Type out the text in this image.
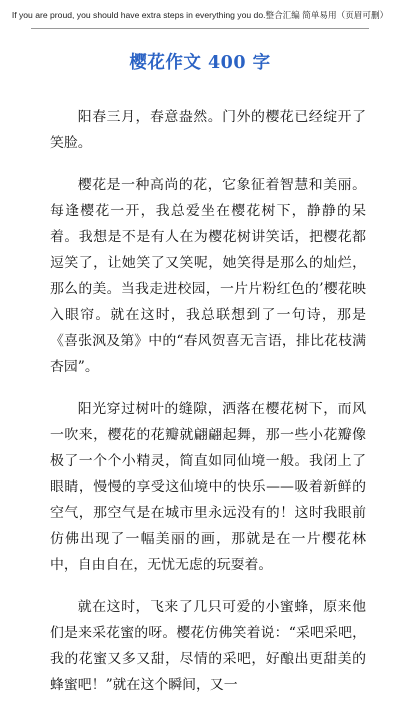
If you are proud, you should have extra steps in everything you do.整合汇编 简单易用（页眉可删）
樱花作文 400 字

阳春三月，春意盎然。门外的樱花已经绽开了笑脸。

樱花是一种高尚的花，它象征着智慧和美丽。每逢樱花一开，我总爱坐在樱花树下，静静的呆着。我想是不是有人在为樱花树讲笑话，把樱花都逗笑了，让她笑了又笑呢，她笑得是那么的灿烂，那么的美。当我走进校园，一片片粉红色的’樱花映入眼帘。就在这时，我总联想到了一句诗，那是《喜张沨及第》中的“春风贺喜无言语，排比花枝满杏园”。

阳光穿过树叶的缝隙，洒落在樱花树下，而风一吹来，樱花的花瓣就翩翩起舞，那一些小花瓣像极了一个个小精灵，简直如同仙境一般。我闭上了眼睛，慢慢的享受这仙境中的快乐——吸着新鲜的空气，那空气是在城市里永远没有的！这时我眼前仿佛出现了一幅美丽的画，那就是在一片樱花林中，自由自在，无忧无虑的玩耍着。

就在这时，飞来了几只可爱的小蜜蜂，原来他们是来采花蜜的呀。樱花仿佛笑着说：“采吧采吧，我的花蜜又多又甜，尽情的采吧，好酿出更甜美的蜂蜜吧！”就在这个瞬间，又一
